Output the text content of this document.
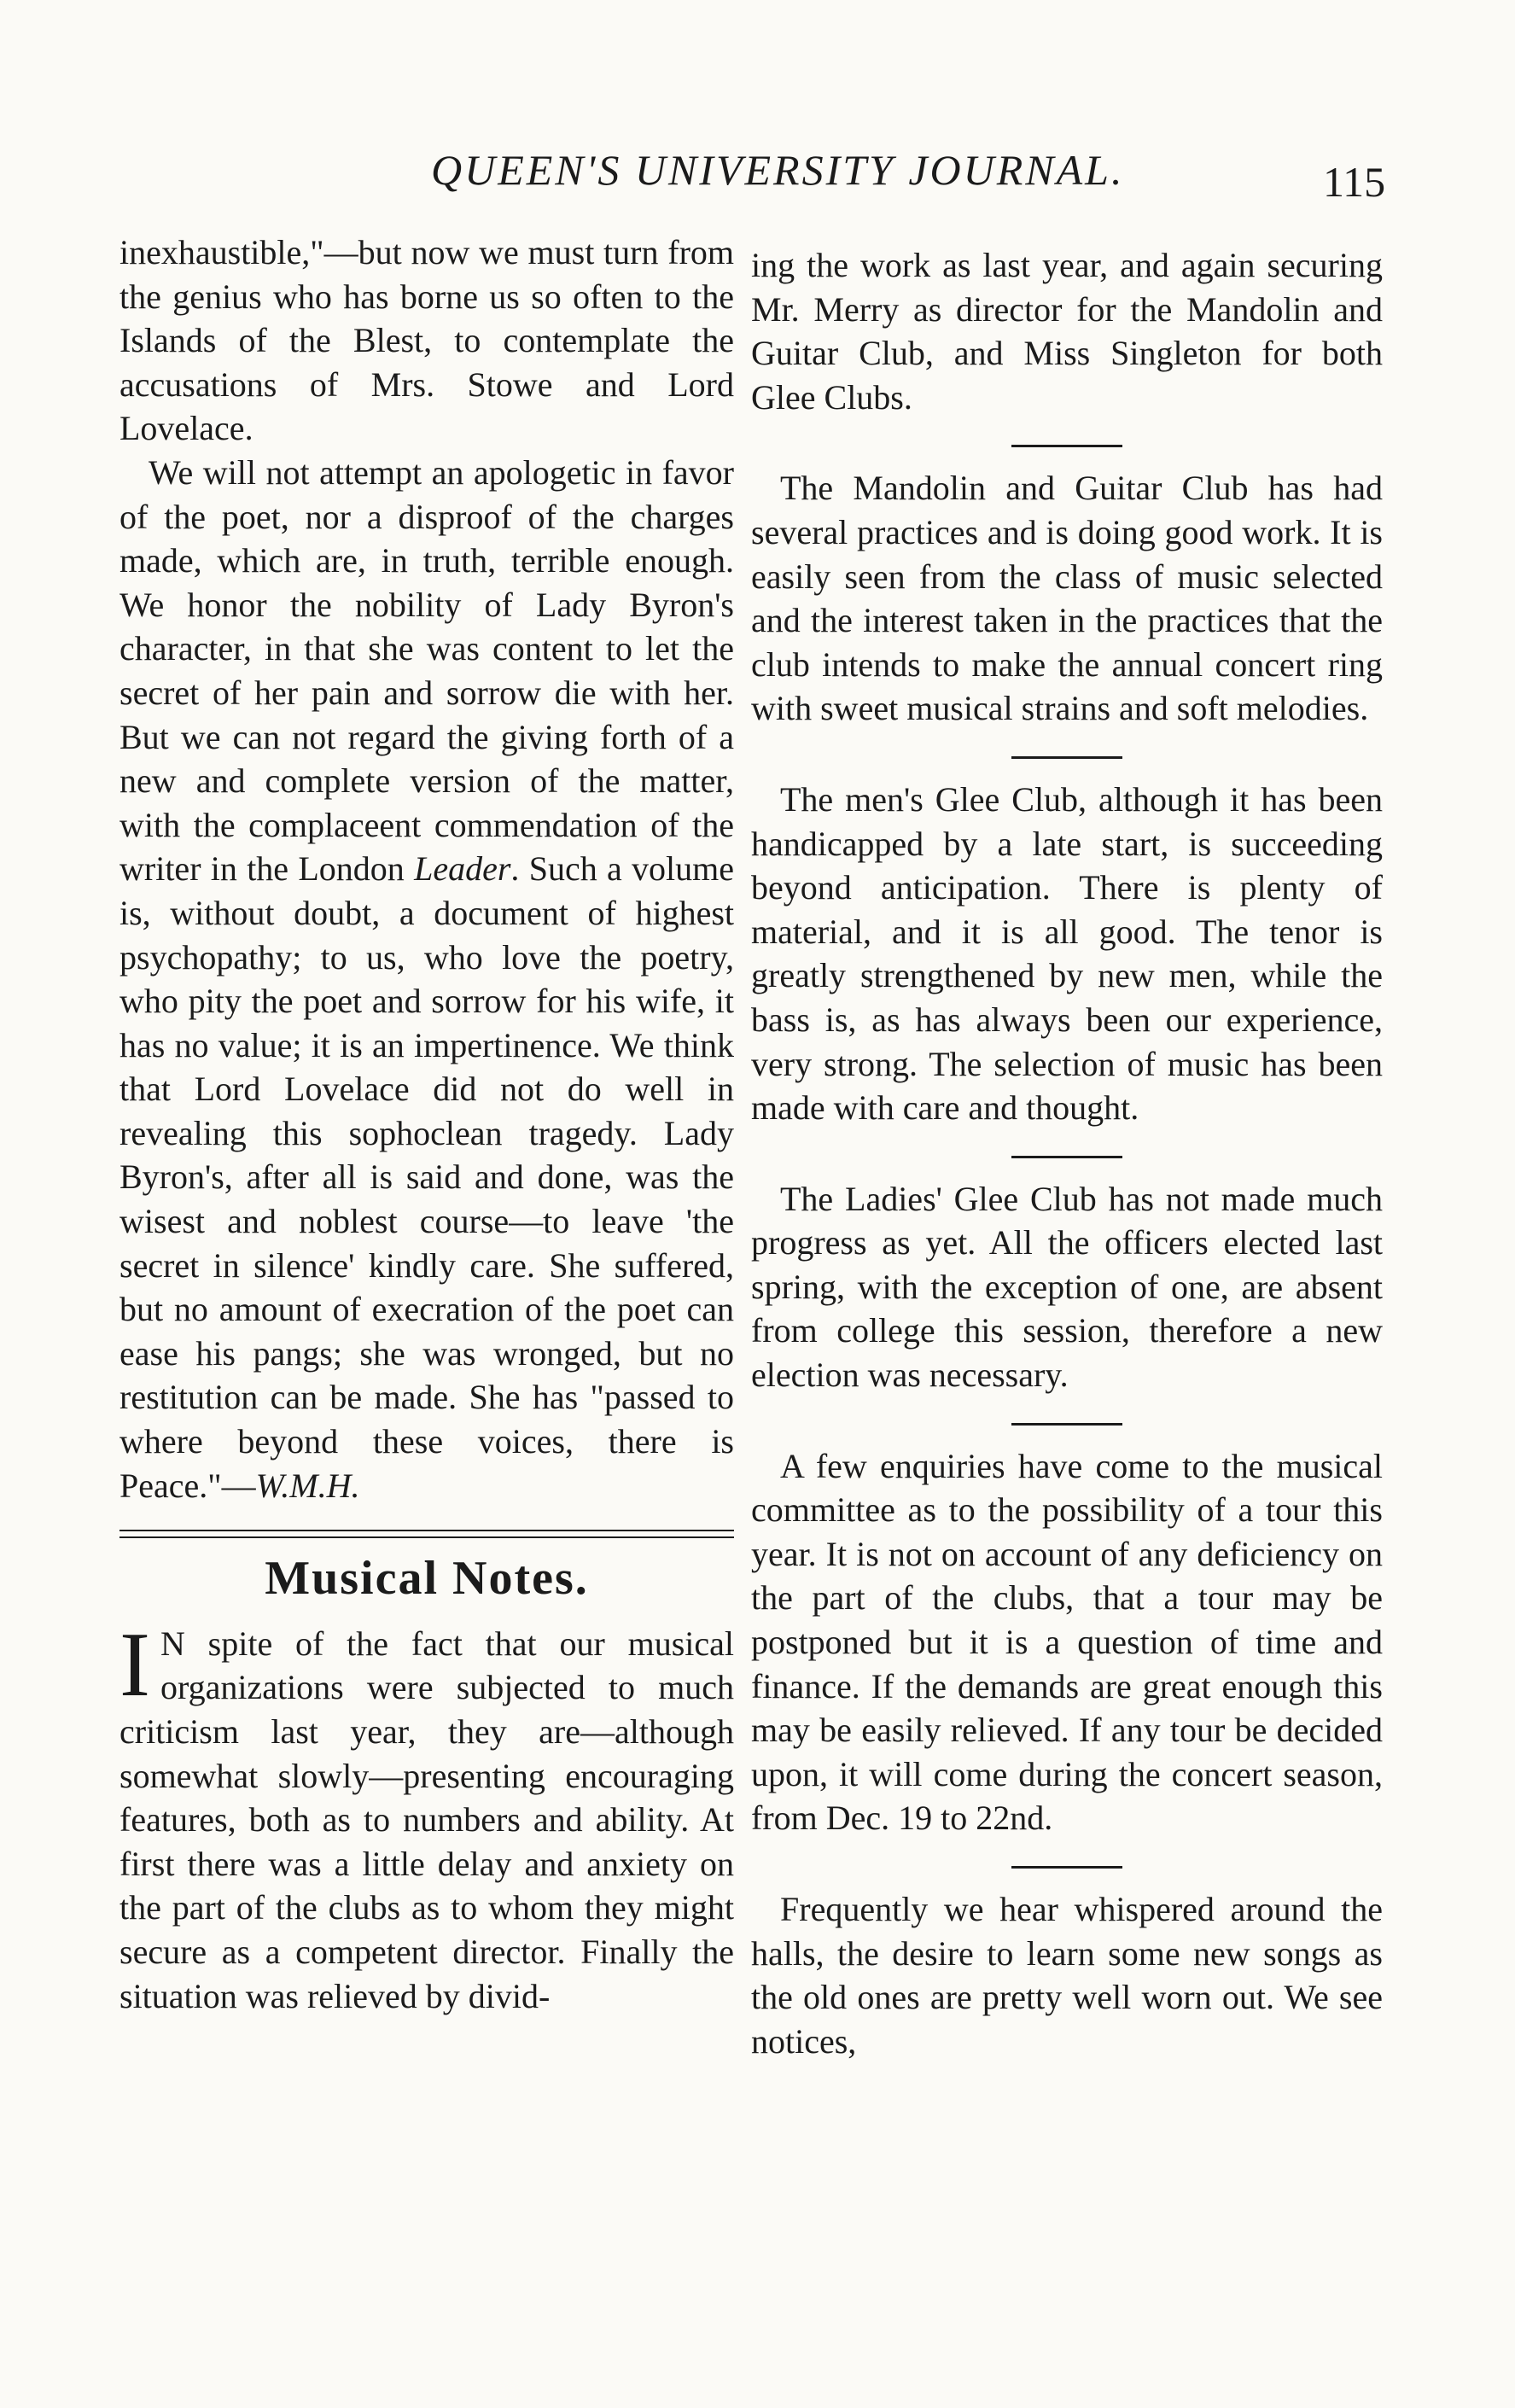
QUEEN'S UNIVERSITY JOURNAL.	115

inexhaustible,"—but now we must turn from the genius who has borne us so often to the Islands of the Blest, to contemplate the accusations of Mrs. Stowe and Lord Lovelace.

We will not attempt an apologetic in favor of the poet, nor a disproof of the charges made, which are, in truth, terrible enough. We honor the nobility of Lady Byron's character, in that she was content to let the secret of her pain and sorrow die with her. But we can not regard the giving forth of a new and complete version of the matter, with the complaceent commendation of the writer in the London Leader. Such a volume is, without doubt, a document of highest psychopathy; to us, who love the poetry, who pity the poet and sorrow for his wife, it has no value; it is an impertinence. We think that Lord Lovelace did not do well in revealing this sophoclean tragedy. Lady Byron's, after all is said and done, was the wisest and noblest course—to leave 'the secret in silence' kindly care. She suffered, but no amount of execration of the poet can ease his pangs; she was wronged, but no restitution can be made. She has "passed to where beyond these voices, there is Peace."—W.M.H.

Musical Notes.

I N spite of the fact that our musical organizations were subjected to much criticism last year, they are—although somewhat slowly—presenting encouraging features, both as to numbers and ability. At first there was a little delay and anxiety on the part of the clubs as to whom they might secure as a competent director. Finally the situation was relieved by divid-

ing the work as last year, and again securing Mr. Merry as director for the Mandolin and Guitar Club, and Miss Singleton for both Glee Clubs.

The Mandolin and Guitar Club has had several practices and is doing good work. It is easily seen from the class of music selected and the interest taken in the practices that the club intends to make the annual concert ring with sweet musical strains and soft melodies.

The men's Glee Club, although it has been handicapped by a late start, is succeeding beyond anticipation. There is plenty of material, and it is all good. The tenor is greatly strengthened by new men, while the bass is, as has always been our experience, very strong. The selection of music has been made with care and thought.

The Ladies' Glee Club has not made much progress as yet. All the officers elected last spring, with the exception of one, are absent from college this session, therefore a new election was necessary.

A few enquiries have come to the musical committee as to the possibility of a tour this year. It is not on account of any deficiency on the part of the clubs, that a tour may be postponed but it is a question of time and finance. If the demands are great enough this may be easily relieved. If any tour be decided upon, it will come during the concert season, from Dec. 19 to 22nd.

Frequently we hear whispered around the halls, the desire to learn some new songs as the old ones are pretty well worn out. We see notices,
